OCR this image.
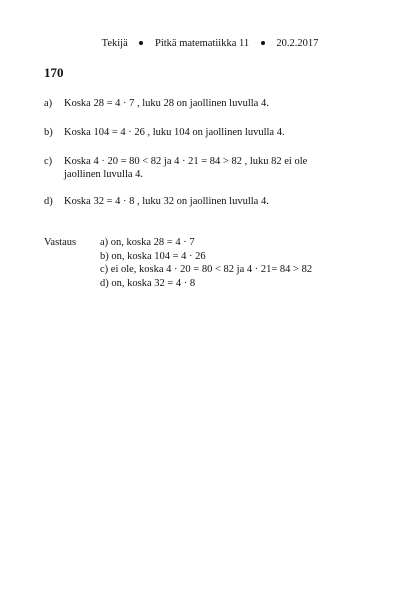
Tekijä	Pitkä matematiikka 11	20.2.2017
170
a) Koska 28 = 4 · 7 , luku 28 on jaollinen luvulla 4.
b) Koska 104 = 4 · 26 , luku 104 on jaollinen luvulla 4.
c) Koska 4 · 20 = 80 < 82 ja 4 · 21 = 84 > 82 , luku 82 ei ole
jaollinen luvulla 4.
d) Koska 32 = 4 · 8 , luku 32 on jaollinen luvulla 4.
Vastaus a) on, koska 28 = 4 · 7
b) on, koska 104 = 4 · 26
c) ei ole, koska 4 · 20 = 80 < 82 ja 4 · 21= 84 > 82
d) on, koska 32 = 4 · 8
